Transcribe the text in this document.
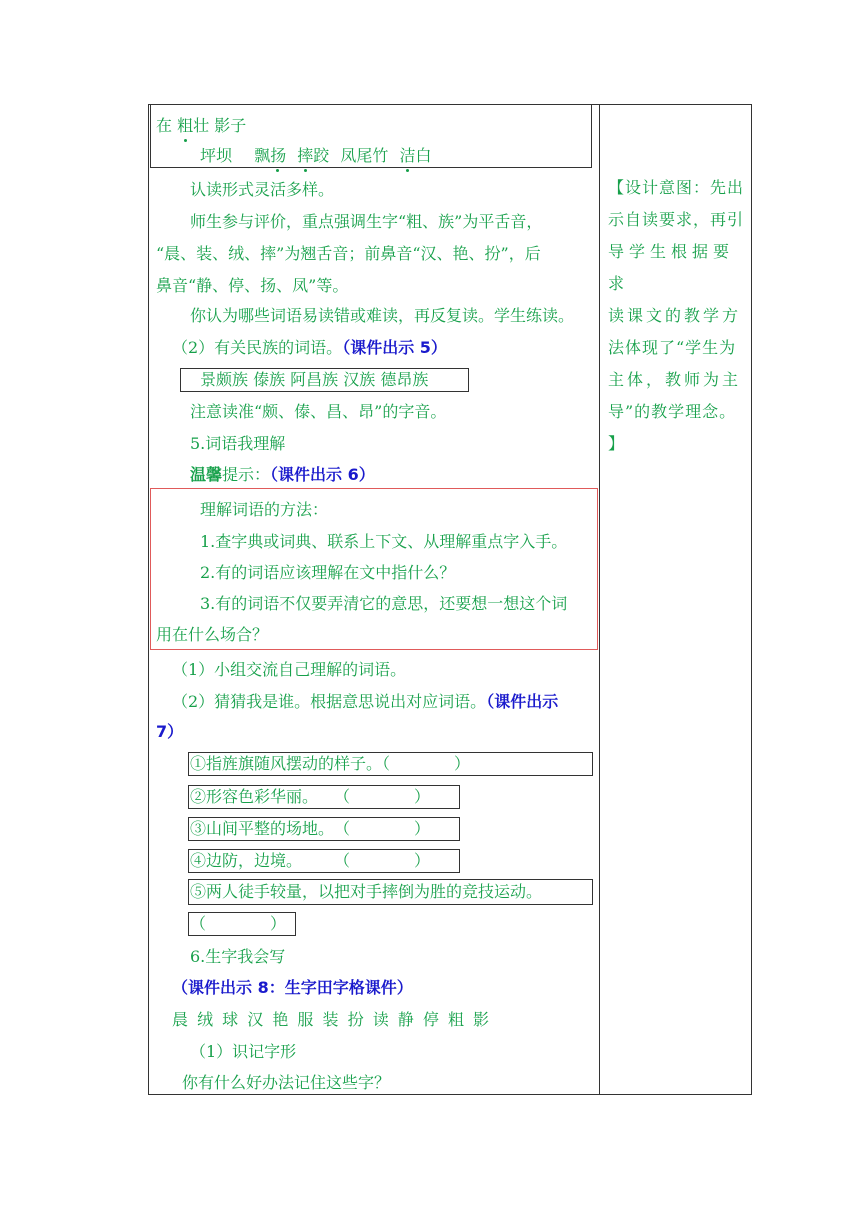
在 粗壮 影子
坪坝 飘扬 摔跤 凤尾竹 洁白
认读形式灵活多样。
师生参与评价，重点强调生字“粗、族”为平舌音，
“晨、装、绒、摔”为翘舌音；前鼻音“汉、艳、扮”，后
鼻音“静、停、扬、凤”等。
你认为哪些词语易读错或难读，再反复读。学生练读。
（2）有关民族的词语。（课件出示 5）
景颇族 傣族 阿昌族 汉族 德昂族
注意读准“颇、傣、昌、昂”的字音。
5.词语我理解
温馨提示：（课件出示 6）
理解词语的方法：
1.查字典或词典、联系上下文、从理解重点字入手。
2.有的词语应该理解在文中指什么？
3.有的词语不仅要弄清它的意思，还要想一想这个词
用在什么场合？
（1）小组交流自己理解的词语。
（2）猜猜我是谁。根据意思说出对应词语。（课件出示
7）
①指旌旗随风摆动的样子。（　　　　）
②形容色彩华丽。　　（　　　　）
③山间平整的场地。　（　　　　）
④边防，边境。　　　（　　　　）
⑤两人徒手较量，以把对手摔倒为胜的竞技运动。
（　　　　）
6.生字我会写
（课件出示 8：生字田字格课件）
晨 绒 球 汉 艳 服 装 扮 读 静 停 粗 影
（1）识记字形
你有什么好办法记住这些字？
【设计意图：先出
示自读要求，再引
导学生根据要求
读课文的教学方
法体现了“学生为
主体，教师为主
导”的教学理念。
】
